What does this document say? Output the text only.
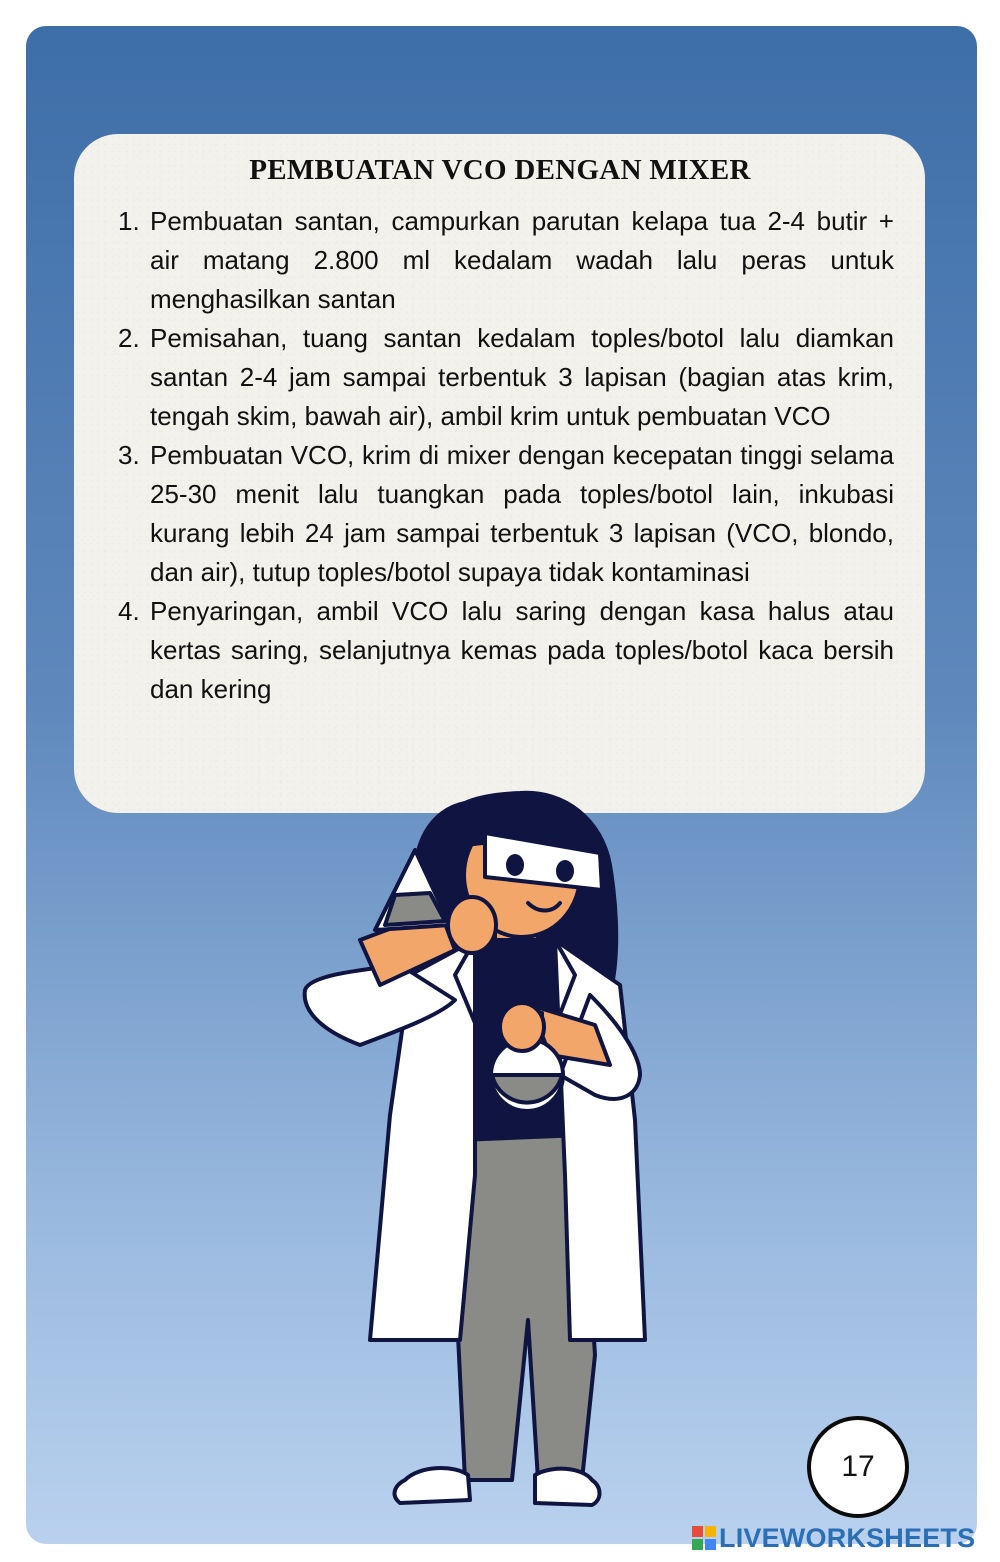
PEMBUATAN VCO DENGAN MIXER
1. Pembuatan santan, campurkan parutan kelapa tua 2-4 butir + air matang 2.800 ml kedalam wadah lalu peras untuk menghasilkan santan
2. Pemisahan, tuang santan kedalam toples/botol lalu diamkan santan 2-4 jam sampai terbentuk 3 lapisan (bagian atas krim, tengah skim, bawah air), ambil krim untuk pembuatan VCO
3. Pembuatan VCO, krim di mixer dengan kecepatan tinggi selama 25-30 menit lalu tuangkan pada toples/botol lain, inkubasi kurang lebih 24 jam sampai terbentuk 3 lapisan (VCO, blondo, dan air), tutup toples/botol supaya tidak kontaminasi
4. Penyaringan, ambil VCO lalu saring dengan kasa halus atau kertas saring, selanjutnya kemas pada toples/botol kaca bersih dan kering
17
LIVEWORKSHEETS
